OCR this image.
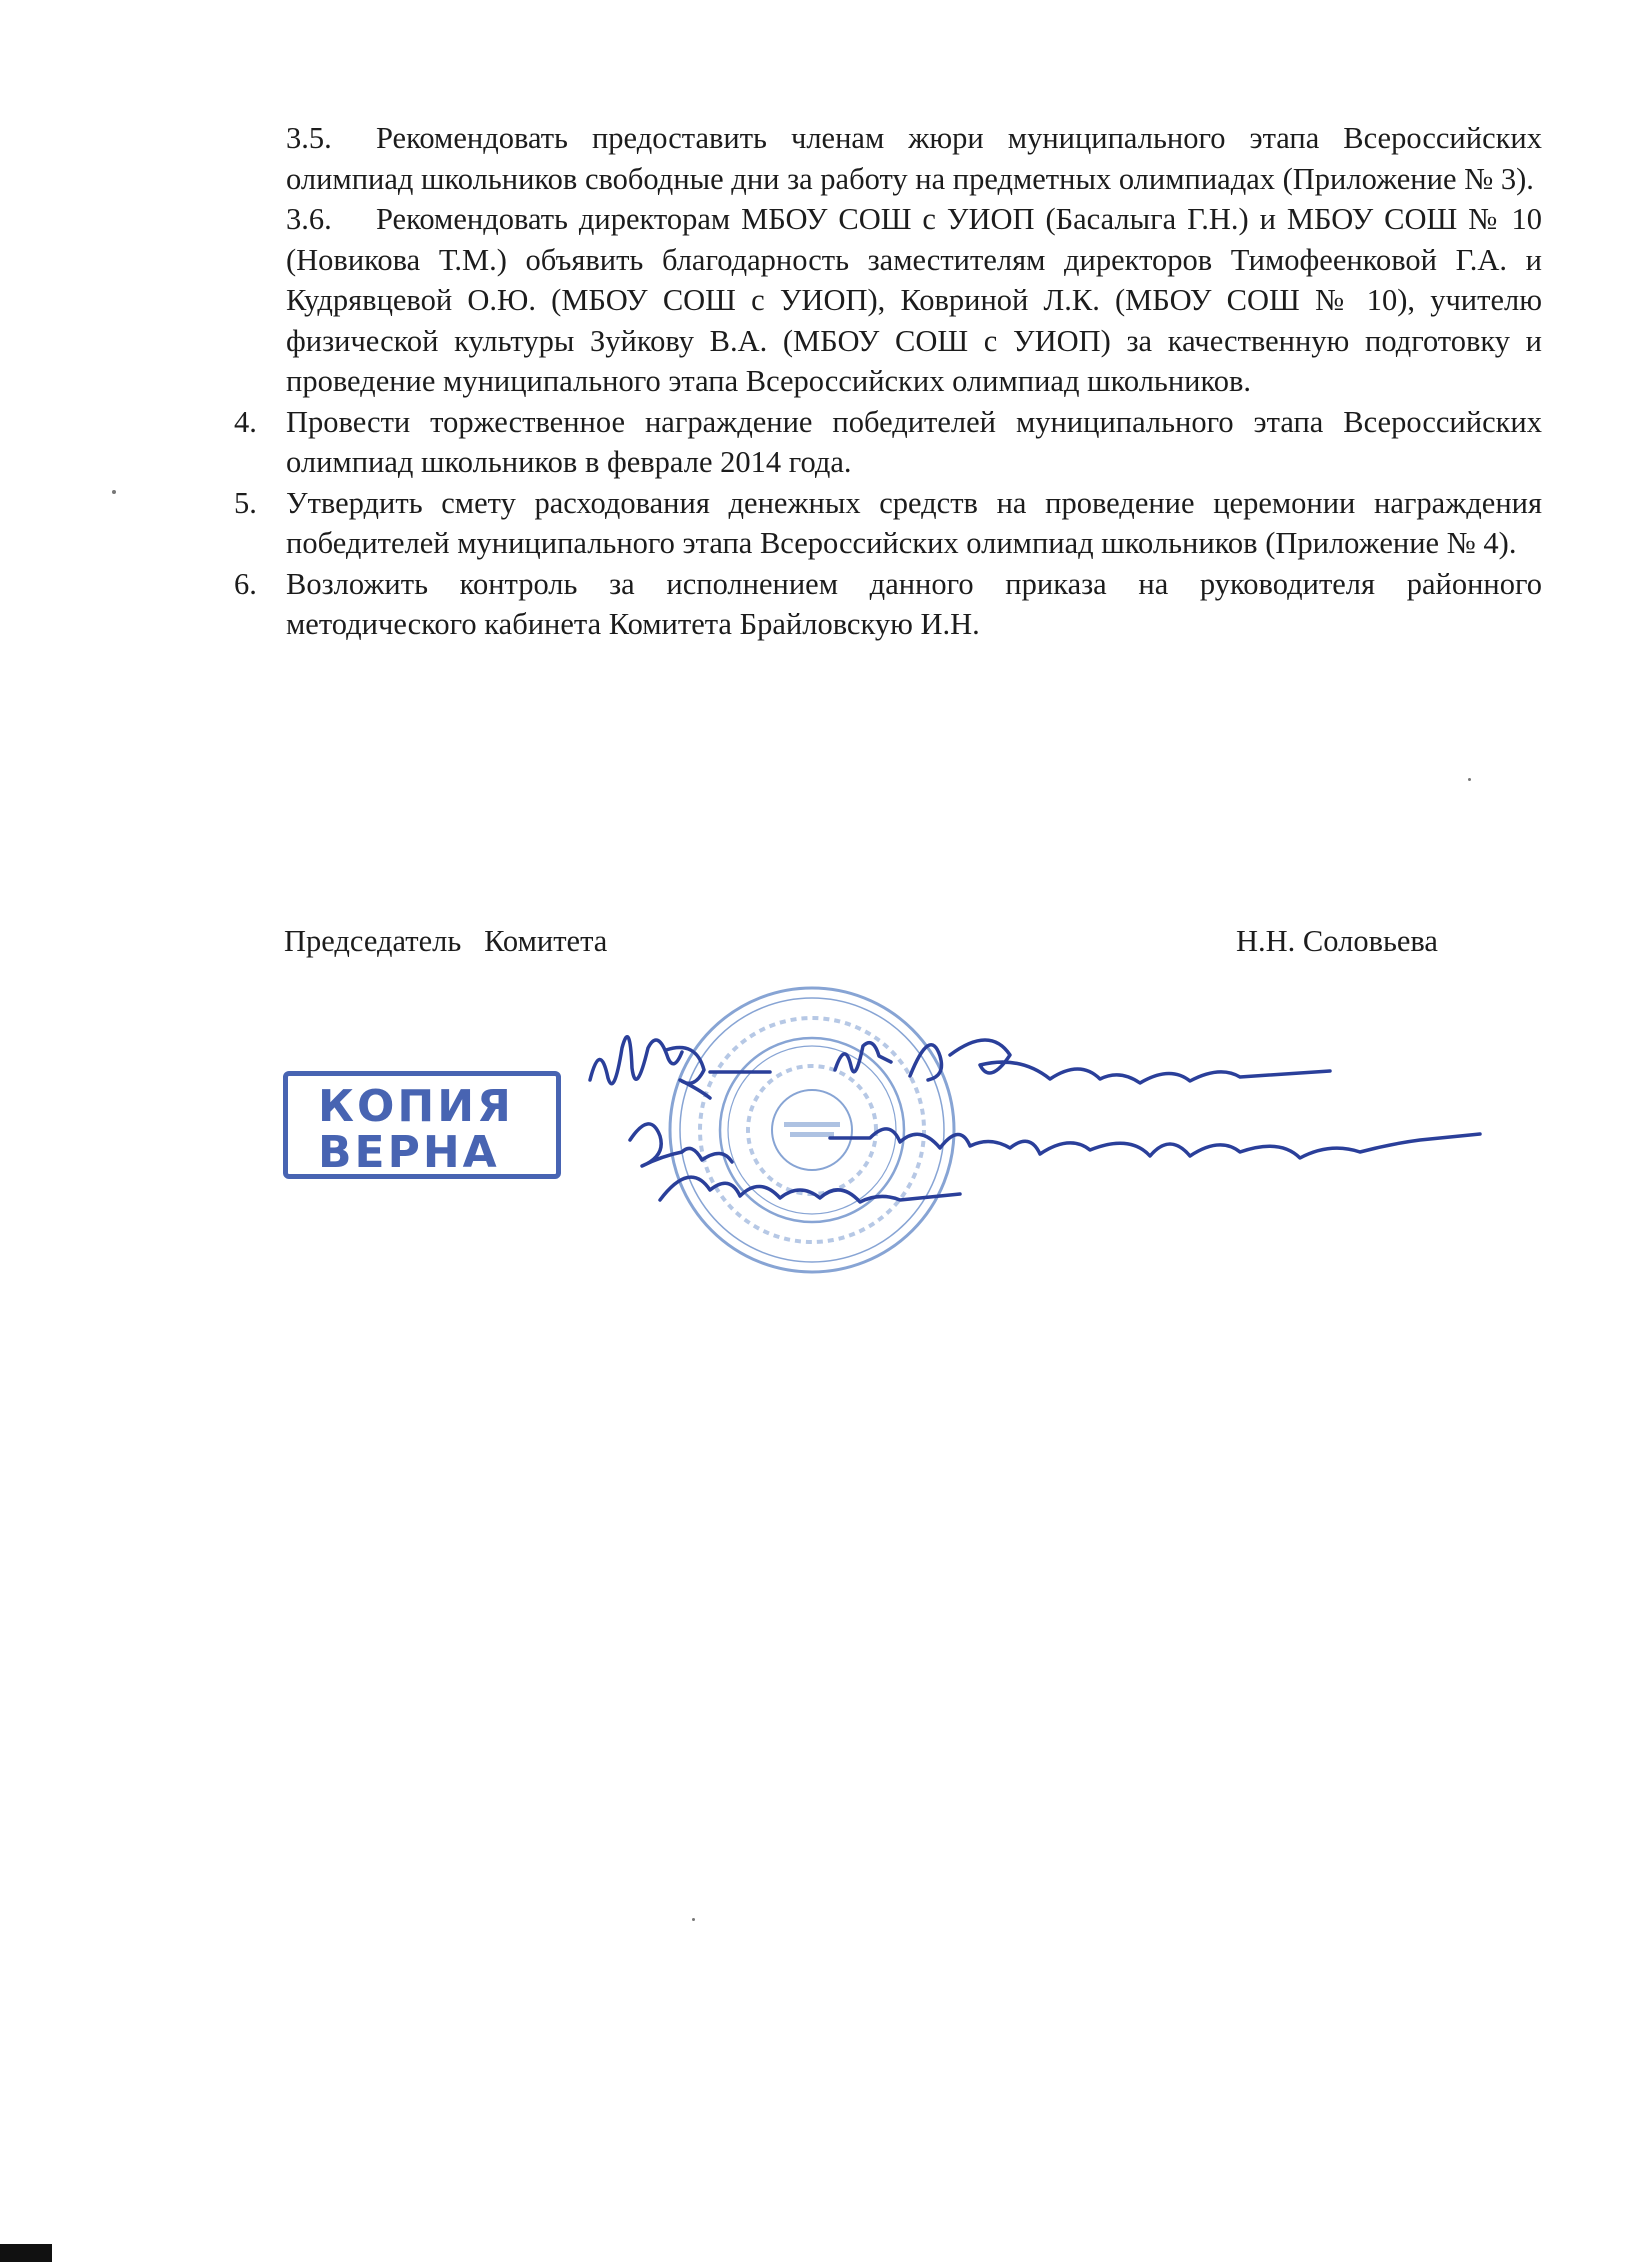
3.5. Рекомендовать предоставить членам жюри муниципального этапа Всероссийских олимпиад школьников свободные дни за работу на предметных олимпиадах (Приложение № 3).

3.6. Рекомендовать директорам МБОУ СОШ с УИОП (Басалыга Г.Н.) и МБОУ СОШ № 10 (Новикова Т.М.) объявить благодарность заместителям директоров Тимофеенковой Г.А. и Кудрявцевой О.Ю. (МБОУ СОШ с УИОП), Ковриной Л.К. (МБОУ СОШ № 10), учителю физической культуры Зуйкову В.А. (МБОУ СОШ с УИОП) за качественную подготовку и проведение муниципального этапа Всероссийских олимпиад школьников.

4. Провести торжественное награждение победителей муниципального этапа Всероссийских олимпиад школьников в феврале 2014 года.

5. Утвердить смету расходования денежных средств на проведение церемонии награждения победителей муниципального этапа Всероссийских олимпиад школьников (Приложение № 4).

6. Возложить контроль за исполнением данного приказа на руководителя районного методического кабинета Комитета Брайловскую И.Н.

Председатель   Комитета	Н.Н. Соловьева
КОПИЯ
ВЕРНА
